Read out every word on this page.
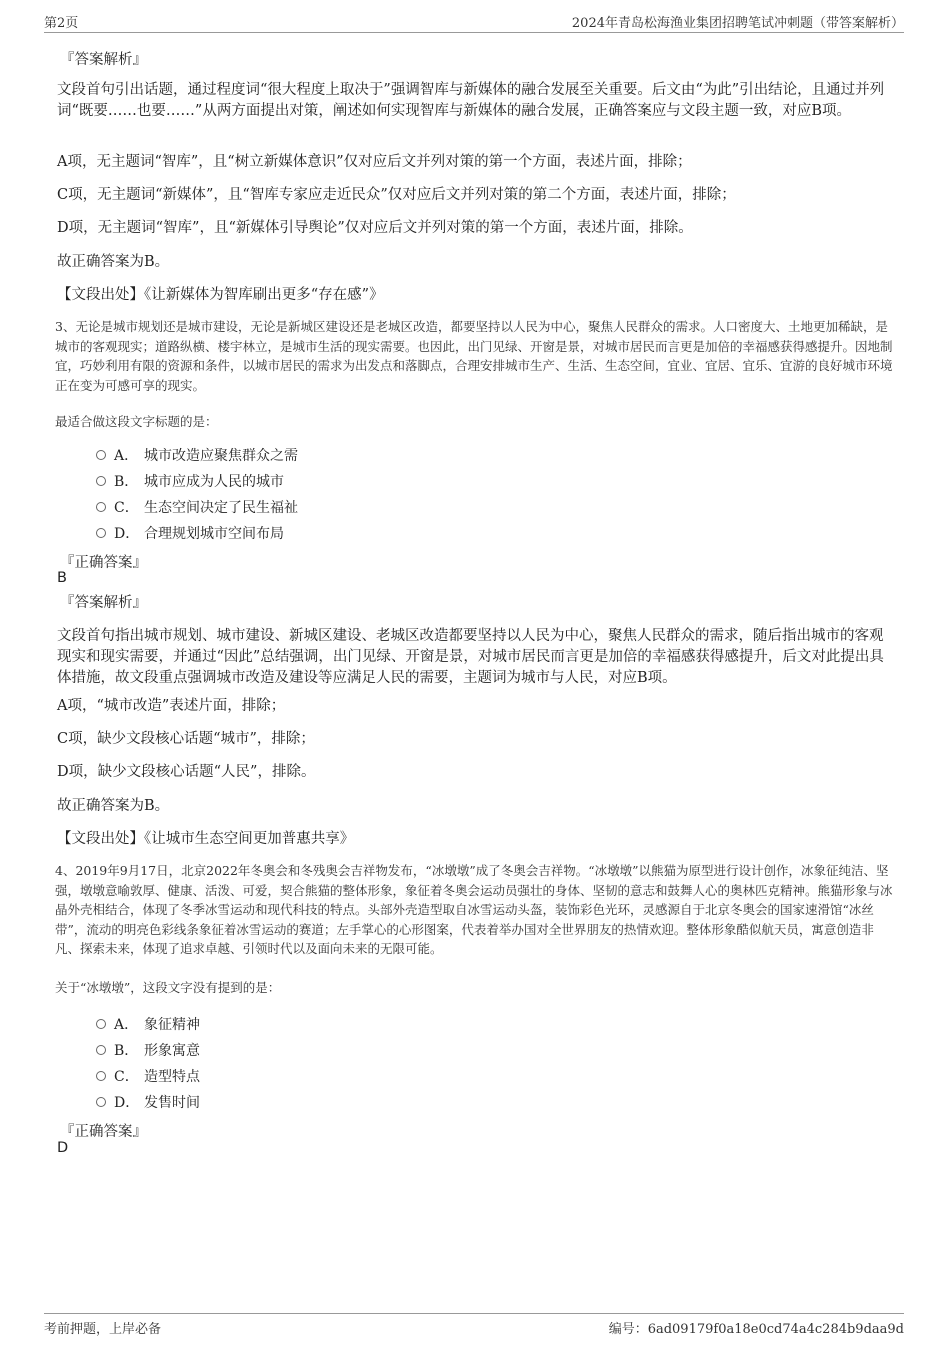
第2页	2024年青岛松海渔业集团招聘笔试冲刺题（带答案解析）
『答案解析』
文段首句引出话题，通过程度词“很大程度上取决于”强调智库与新媒体的融合发展至关重要。后文由“为此”引出结论，且通过并列词“既要……也要……”从两方面提出对策，阐述如何实现智库与新媒体的融合发展，正确答案应与文段主题一致，对应B项。
A项，无主题词“智库”，且“树立新媒体意识”仅对应后文并列对策的第一个方面，表述片面，排除；
C项，无主题词“新媒体”，且“智库专家应走近民众”仅对应后文并列对策的第二个方面，表述片面，排除；
D项，无主题词“智库”，且“新媒体引导舆论”仅对应后文并列对策的第一个方面，表述片面，排除。
故正确答案为B。
【文段出处】《让新媒体为智库刷出更多“存在感”》
3、无论是城市规划还是城市建设，无论是新城区建设还是老城区改造，都要坚持以人民为中心，聚焦人民群众的需求。人口密度大、土地更加稀缺，是城市的客观现实；道路纵横、楼宇林立，是城市生活的现实需要。也因此，出门见绿、开窗是景，对城市居民而言更是加倍的幸福感获得感提升。因地制宜，巧妙利用有限的资源和条件，以城市居民的需求为出发点和落脚点，合理安排城市生产、生活、生态空间，宜业、宜居、宜乐、宜游的良好城市环境正在变为可感可享的现实。
最适合做这段文字标题的是：
A． 城市改造应聚焦群众之需
B． 城市应成为人民的城市
C． 生态空间决定了民生福祉
D． 合理规划城市空间布局
『正确答案』
B
『答案解析』
文段首句指出城市规划、城市建设、新城区建设、老城区改造都要坚持以人民为中心，聚焦人民群众的需求，随后指出城市的客观现实和现实需要，并通过“因此”总结强调，出门见绿、开窗是景，对城市居民而言更是加倍的幸福感获得感提升，后文对此提出具体措施，故文段重点强调城市改造及建设等应满足人民的需要，主题词为城市与人民，对应B项。
A项，“城市改造”表述片面，排除；
C项，缺少文段核心话题“城市”，排除；
D项，缺少文段核心话题“人民”，排除。
故正确答案为B。
【文段出处】《让城市生态空间更加普惠共享》
4、2019年9月17日，北京2022年冬奥会和冬残奥会吉祥物发布，“冰墩墩”成了冬奥会吉祥物。“冰墩墩”以熊猫为原型进行设计创作，冰象征纯洁、坚强，墩墩意喻敦厚、健康、活泼、可爱，契合熊猫的整体形象，象征着冬奥会运动员强壮的身体、坚韧的意志和鼓舞人心的奥林匹克精神。熊猫形象与冰晶外壳相结合，体现了冬季冰雪运动和现代科技的特点。头部外壳造型取自冰雪运动头盔，装饰彩色光环，灵感源自于北京冬奥会的国家速滑馆“冰丝带”，流动的明亮色彩线条象征着冰雪运动的赛道；左手掌心的心形图案，代表着举办国对全世界朋友的热情欢迎。整体形象酷似航天员，寓意创造非凡、探索未来，体现了追求卓越、引领时代以及面向未来的无限可能。
关于“冰墩墩”，这段文字没有提到的是：
A． 象征精神
B． 形象寓意
C． 造型特点
D． 发售时间
『正确答案』
D
考前押题，上岸必备	编号：6ad09179f0a18e0cd74a4c284b9daa9d
